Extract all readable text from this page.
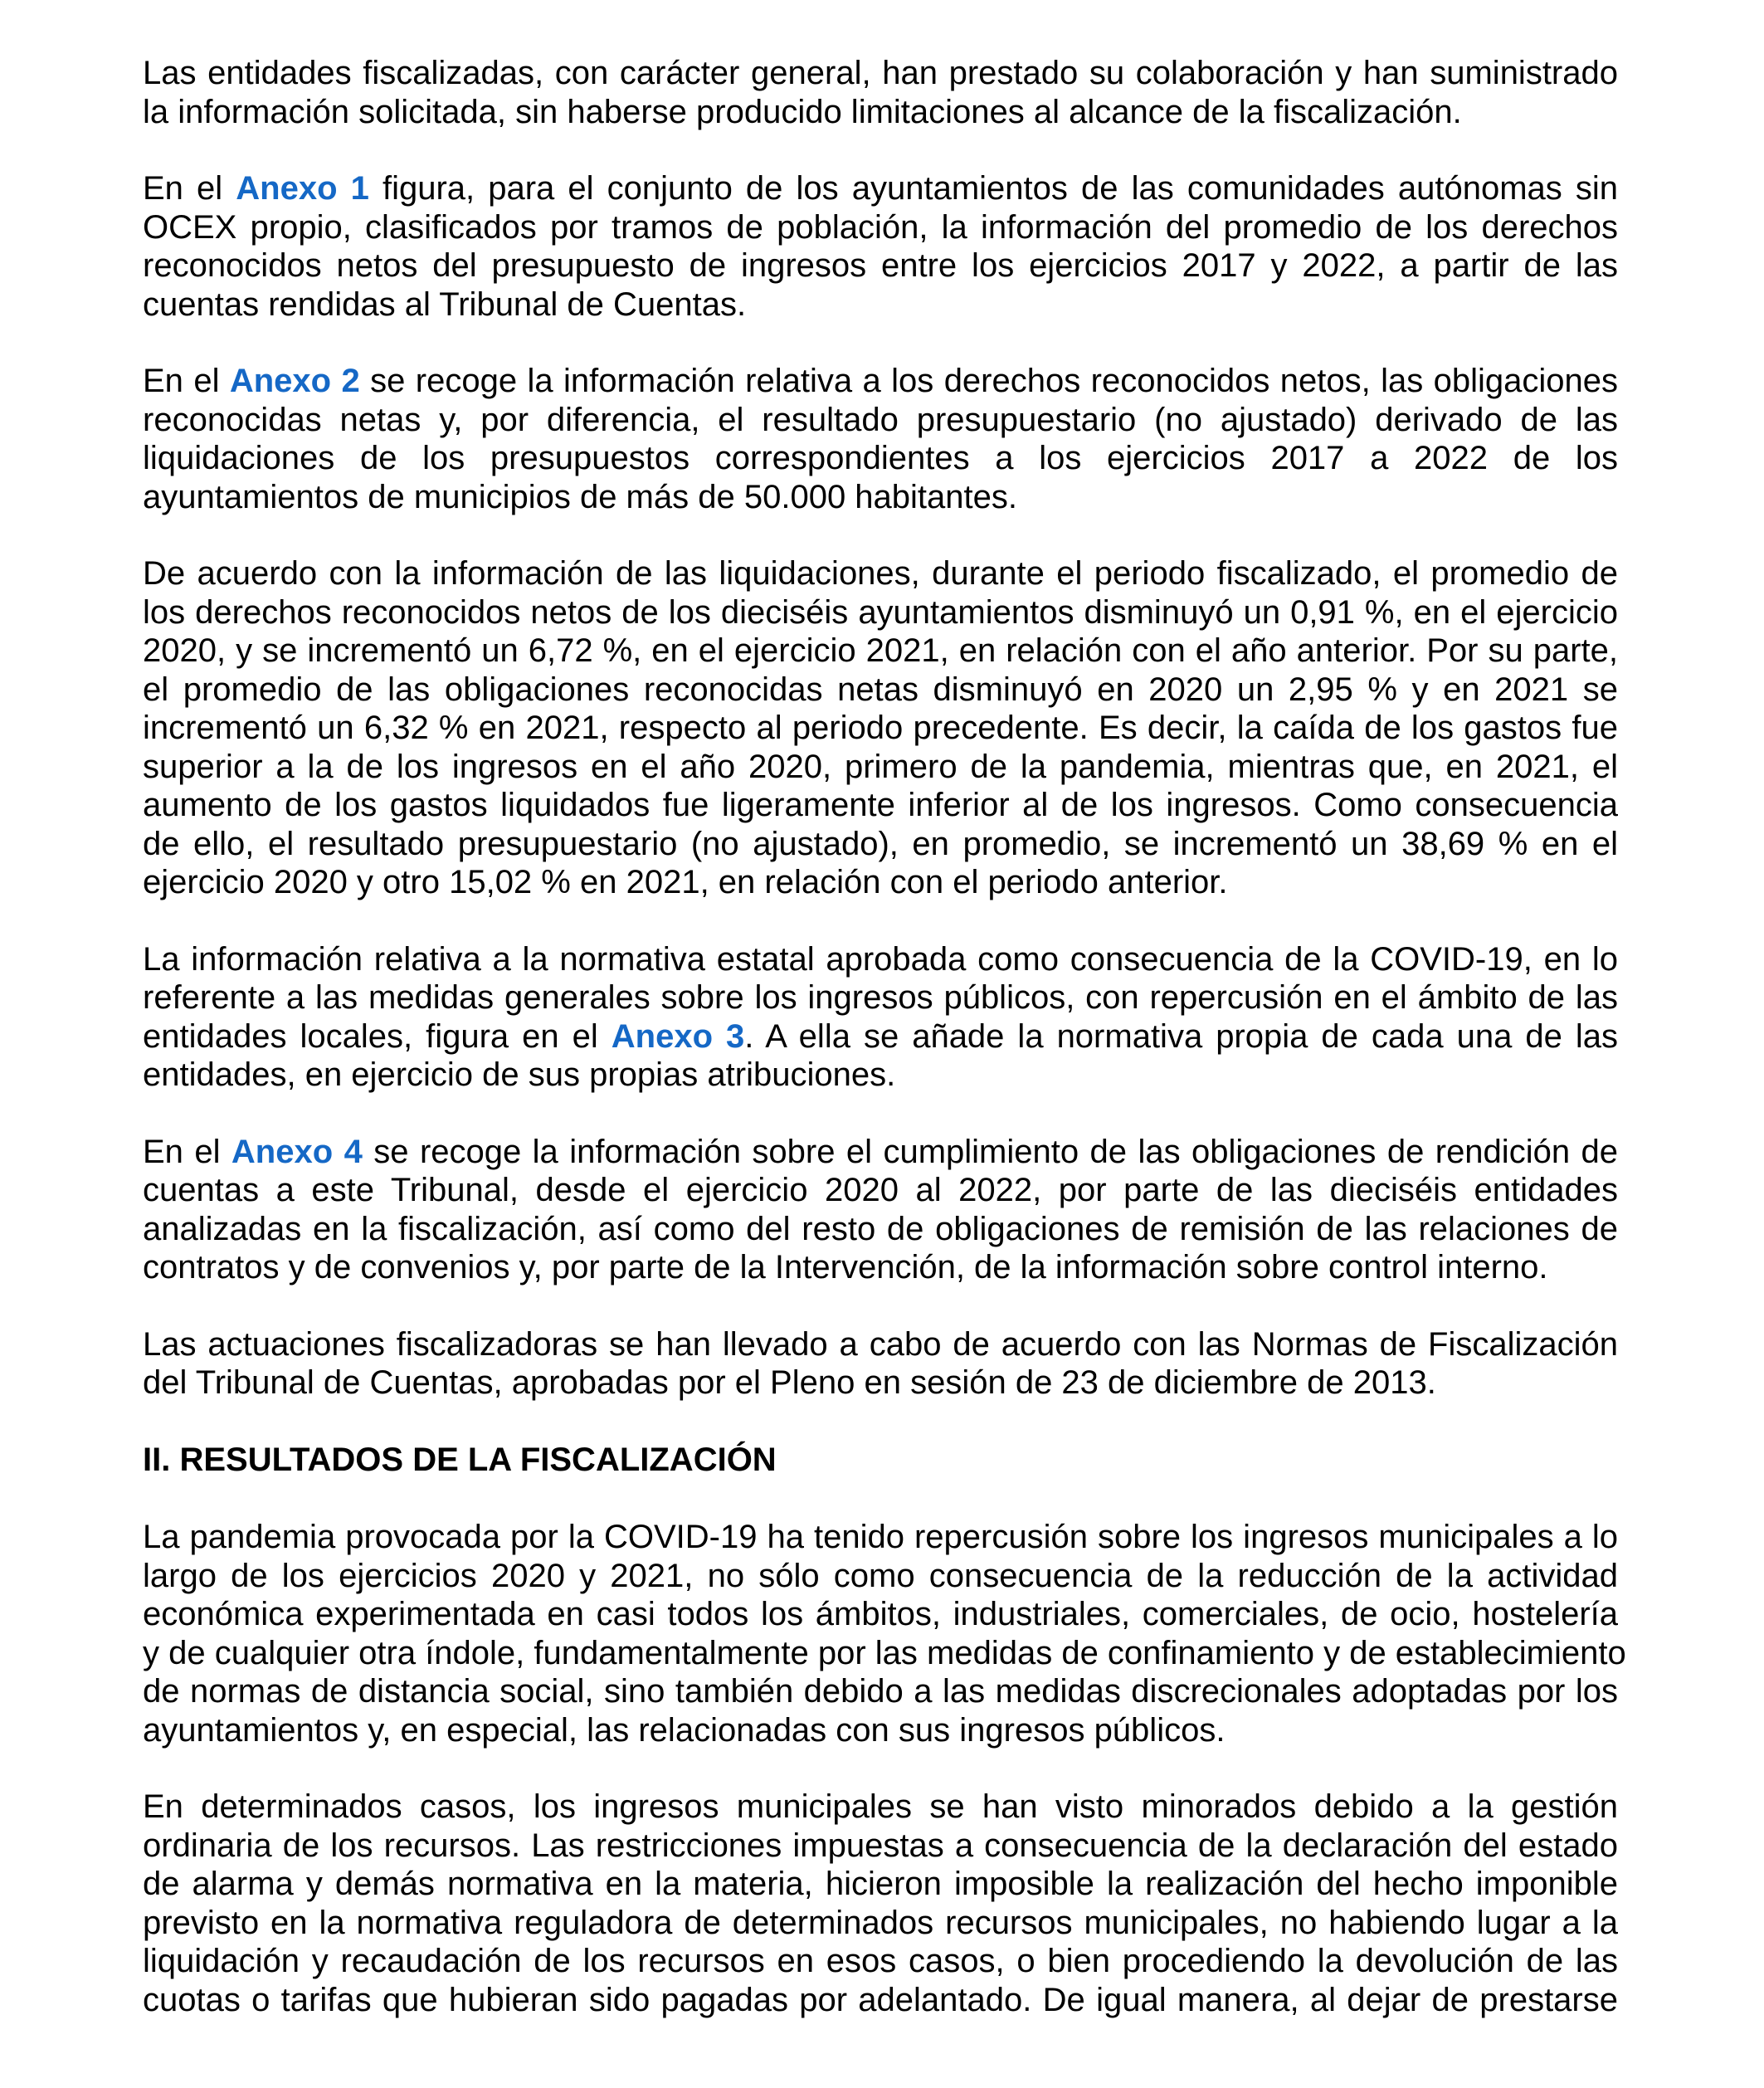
Las entidades fiscalizadas, con carácter general, han prestado su colaboración y han suministrado
la información solicitada, sin haberse producido limitaciones al alcance de la fiscalización.
En el Anexo 1 figura, para el conjunto de los ayuntamientos de las comunidades autónomas sin
OCEX propio, clasificados por tramos de población, la información del promedio de los derechos
reconocidos netos del presupuesto de ingresos entre los ejercicios 2017 y 2022, a partir de las
cuentas rendidas al Tribunal de Cuentas.
En el Anexo 2 se recoge la información relativa a los derechos reconocidos netos, las obligaciones
reconocidas netas y, por diferencia, el resultado presupuestario (no ajustado) derivado de las
liquidaciones de los presupuestos correspondientes a los ejercicios 2017 a 2022 de los
ayuntamientos de municipios de más de 50.000 habitantes.
De acuerdo con la información de las liquidaciones, durante el periodo fiscalizado, el promedio de
los derechos reconocidos netos de los dieciséis ayuntamientos disminuyó un 0,91 %, en el ejercicio
2020, y se incrementó un 6,72 %, en el ejercicio 2021, en relación con el año anterior. Por su parte,
el promedio de las obligaciones reconocidas netas disminuyó en 2020 un 2,95 % y en 2021 se
incrementó un 6,32 % en 2021, respecto al periodo precedente. Es decir, la caída de los gastos fue
superior a la de los ingresos en el año 2020, primero de la pandemia, mientras que, en 2021, el
aumento de los gastos liquidados fue ligeramente inferior al de los ingresos. Como consecuencia
de ello, el resultado presupuestario (no ajustado), en promedio, se incrementó un 38,69 % en el
ejercicio 2020 y otro 15,02 % en 2021, en relación con el periodo anterior.
La información relativa a la normativa estatal aprobada como consecuencia de la COVID-19, en lo
referente a las medidas generales sobre los ingresos públicos, con repercusión en el ámbito de las
entidades locales, figura en el Anexo 3. A ella se añade la normativa propia de cada una de las
entidades, en ejercicio de sus propias atribuciones.
En el Anexo 4 se recoge la información sobre el cumplimiento de las obligaciones de rendición de
cuentas a este Tribunal, desde el ejercicio 2020 al 2022, por parte de las dieciséis entidades
analizadas en la fiscalización, así como del resto de obligaciones de remisión de las relaciones de
contratos y de convenios y, por parte de la Intervención, de la información sobre control interno.
Las actuaciones fiscalizadoras se han llevado a cabo de acuerdo con las Normas de Fiscalización
del Tribunal de Cuentas, aprobadas por el Pleno en sesión de 23 de diciembre de 2013.
II. RESULTADOS DE LA FISCALIZACIÓN
La pandemia provocada por la COVID-19 ha tenido repercusión sobre los ingresos municipales a lo
largo de los ejercicios 2020 y 2021, no sólo como consecuencia de la reducción de la actividad
económica experimentada en casi todos los ámbitos, industriales, comerciales, de ocio, hostelería
y de cualquier otra índole, fundamentalmente por las medidas de confinamiento y de establecimiento
de normas de distancia social, sino también debido a las medidas discrecionales adoptadas por los
ayuntamientos y, en especial, las relacionadas con sus ingresos públicos.
En determinados casos, los ingresos municipales se han visto minorados debido a la gestión
ordinaria de los recursos. Las restricciones impuestas a consecuencia de la declaración del estado
de alarma y demás normativa en la materia, hicieron imposible la realización del hecho imponible
previsto en la normativa reguladora de determinados recursos municipales, no habiendo lugar a la
liquidación y recaudación de los recursos en esos casos, o bien procediendo la devolución de las
cuotas o tarifas que hubieran sido pagadas por adelantado. De igual manera, al dejar de prestarse
